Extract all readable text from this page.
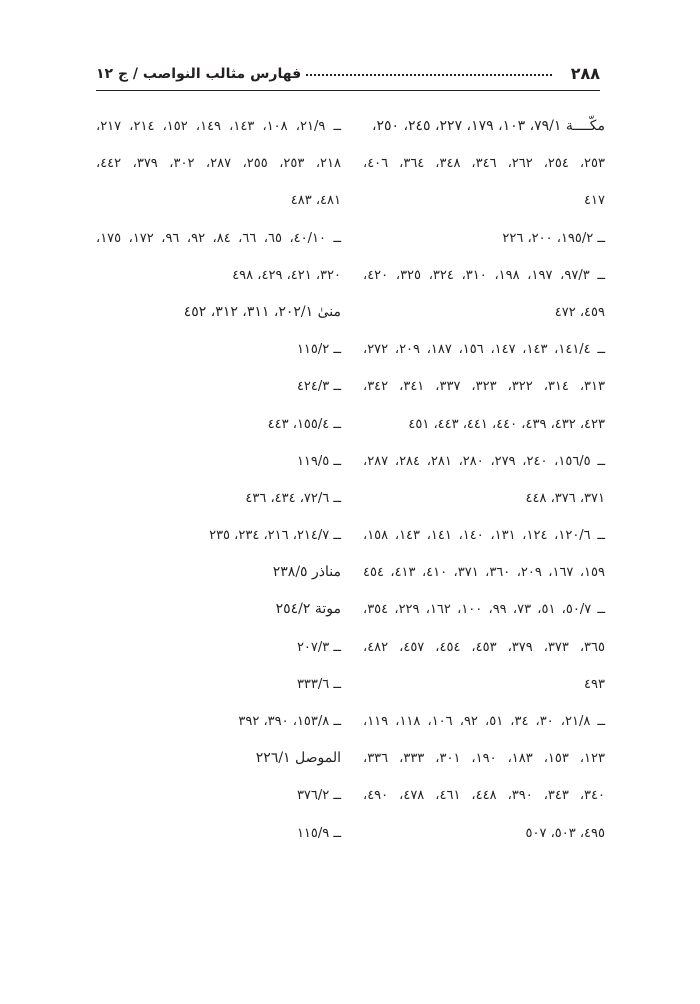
٢٨٨
فهارس مثالب النواصب / ج ١٢
مكّــــة ٧٩/١، ١٠٣، ١٧٩، ٢٢٧، ٢٤٥، ٢٥٠،
٢٥٣، ٢٥٤، ٢٦٢، ٣٤٦، ٣٤٨، ٣٦٤، ٤٠٦،
٤١٧
ــ ١٩٥/٢، ٢٠٠، ٢٢٦
ــ ٩٧/٣، ١٩٧، ١٩٨، ٣١٠، ٣٢٤، ٣٢٥، ٤٢٠،
٤٥٩، ٤٧٢
ــ ١٤١/٤، ١٤٣، ١٤٧، ١٥٦، ١٨٧، ٢٠٩، ٢٧٢،
٣١٣، ٣١٤، ٣٢٢، ٣٢٣، ٣٣٧، ٣٤١، ٣٤٢،
٤٢٣، ٤٣٢، ٤٣٩، ٤٤٠، ٤٤١، ٤٤٣، ٤٥١
ــ ١٥٦/٥، ٢٤٠، ٢٧٩، ٢٨٠، ٢٨١، ٢٨٤، ٢٨٧،
٣٧١، ٣٧٦، ٤٤٨
ــ ١٢٠/٦، ١٢٤، ١٣١، ١٤٠، ١٤١، ١٤٣، ١٥٨،
١٥٩، ١٦٧، ٢٠٩، ٣٦٠، ٣٧١، ٤١٠، ٤١٣، ٤٥٤
ــ ٥٠/٧، ٥١، ٧٣، ٩٩، ١٠٠، ١٦٢، ٢٢٩، ٣٥٤،
٣٦٥، ٣٧٣، ٣٧٩، ٤٥٣، ٤٥٤، ٤٥٧، ٤٨٢،
٤٩٣
ــ ٢١/٨، ٣٠، ٣٤، ٥١، ٩٢، ١٠٦، ١١٨، ١١٩،
١٢٣، ١٥٣، ١٨٣، ١٩٠، ٣٠١، ٣٣٣، ٣٣٦،
٣٤٠، ٣٤٣، ٣٩٠، ٤٤٨، ٤٦١، ٤٧٨، ٤٩٠،
٤٩٥، ٥٠٣، ٥٠٧
ــ ٢١/٩، ١٠٨، ١٤٣، ١٤٩، ١٥٢، ٢١٤، ٢١٧،
٢١٨، ٢٥٣، ٢٥٥، ٢٨٧، ٣٠٢، ٣٧٩، ٤٤٢،
٤٨١، ٤٨٣
ــ ٤٠/١٠، ٦٥، ٦٦، ٨٤، ٩٢، ٩٦، ١٧٢، ١٧٥،
٣٢٠، ٤٢١، ٤٢٩، ٤٩٨
منىٰ ٢٠٢/١، ٣١١، ٣١٢، ٤٥٢
ــ ١١٥/٢
ــ ٤٢٤/٣
ــ ١٥٥/٤، ٤٤٣
ــ ١١٩/٥
ــ ٧٢/٦، ٤٣٤، ٤٣٦
ــ ٢١٤/٧، ٢١٦، ٢٣٤، ٢٣٥
مناذر ٢٣٨/٥
موتة ٢٥٤/٢
ــ ٢٠٧/٣
ــ ٣٣٣/٦
ــ ١٥٣/٨، ٣٩٠، ٣٩٢
الموصل ٢٢٦/١
ــ ٣٧٦/٢
ــ ١١٥/٩
